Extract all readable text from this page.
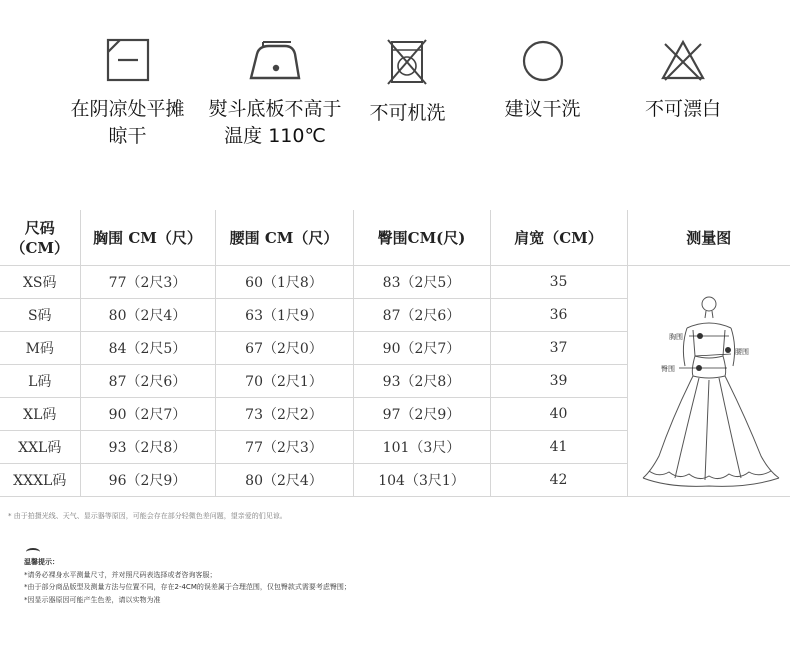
在阴凉处平摊
晾干
熨斗底板不高于
温度 110℃
不可机洗	建议干洗	不可漂白
尺码
（CM）	胸围 CM（尺）	腰围 CM（尺）	臀围CM(尺)	肩宽（CM）	测量图
XS码	77（2尺3）	60（1尺8）	83（2尺5）	35	胸围
腰围
臀围

S码	80（2尺4）	63（1尺9）	87（2尺6）	36	
M码	84（2尺5）	67（2尺0）	90（2尺7）	37	
L码	87（2尺6）	70（2尺1）	93（2尺8）	39	
XL码	90（2尺7）	73（2尺2）	97（2尺9）	40	
XXL码	93（2尺8）	77（2尺3）	101（3尺）	41	
XXXL码	96（2尺9）	80（2尺4）	104（3尺1）	42	
* 由于拍摄光线、天气、显示器等原因，可能会存在部分轻微色差问题，望亲爱的们见谅。
温馨提示：
*请务必裸身水平测量尺寸，并对照尺码表选择或者咨询客服；
*由于部分商品版型及测量方法与位置不同，存在2-4CM的误差属于合理范围，仅包臀款式需要考虑臀围；
*因显示器原因可能产生色差，请以实物为准
